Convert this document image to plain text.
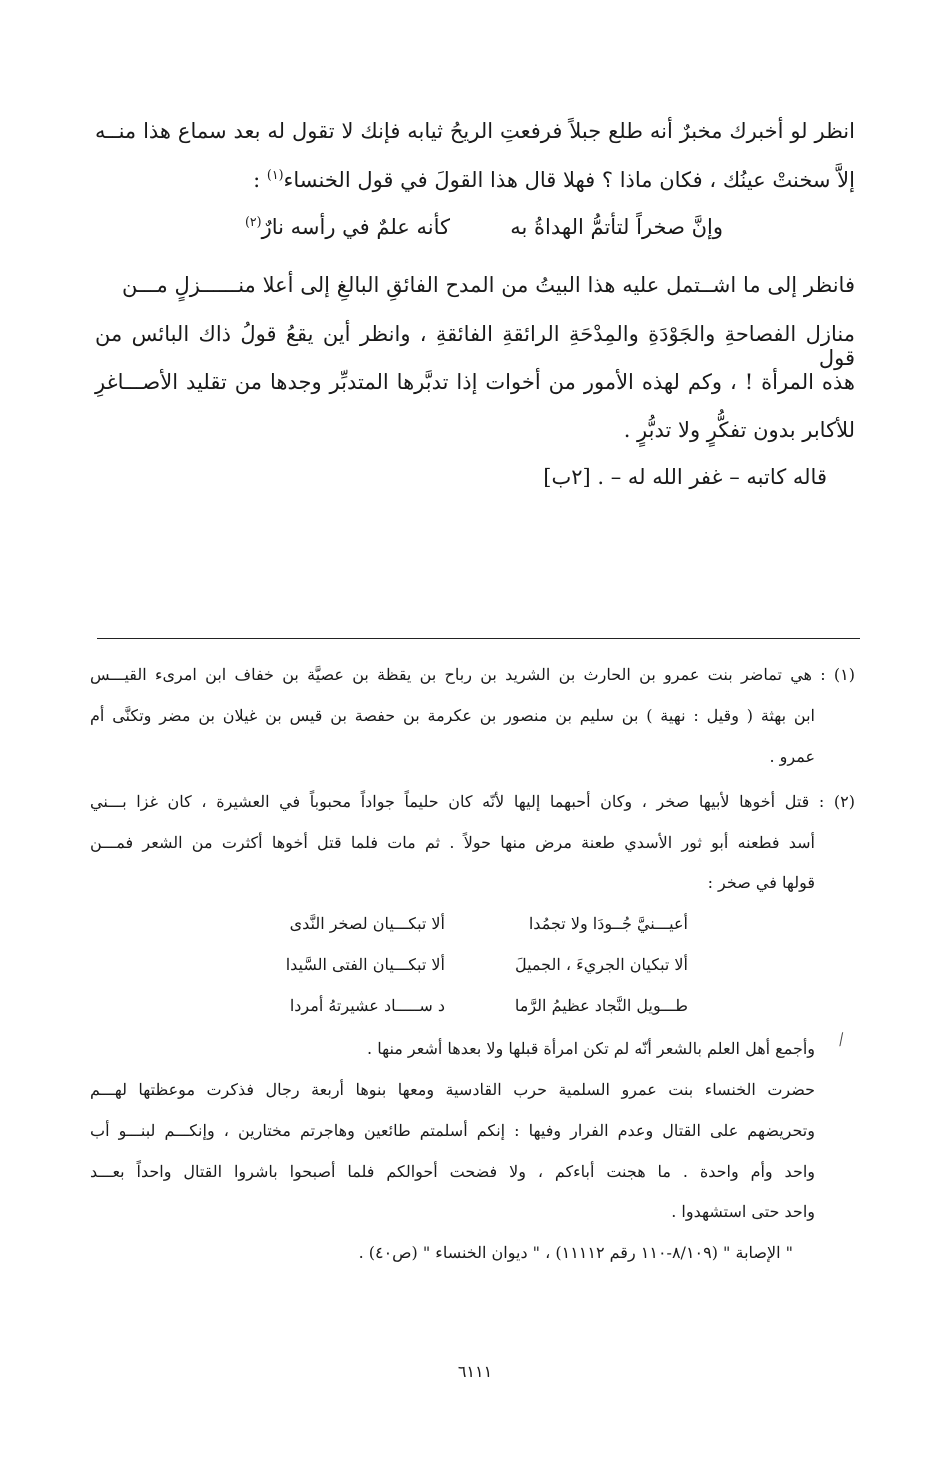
انظر لو أخبرك مخبرٌ أنه طلع جبلاً فرفعتِ الريحُ ثيابه فإنك لا تقول له بعد سماع هذا منــه
إلاَّ سخنتْ عينُك ، فكان ماذا ؟ فهلا قال هذا القولَ في قول الخنساء$^{(١)}$ :
وإنَّ صخراً لتأتمُّ الهداةُ به
كأنه علمٌ في رأسه نارٌ$^{(٢)}$
فانظر إلى ما اشــتمل عليه هذا البيتُ من المدح الفائقِ البالغِ إلى أعلا منــــــزلٍ مـــن
منازل الفصاحةِ والجَوْدَةِ والمِدْحَةِ الرائقةِ الفائقةِ ، وانظر أين يقعُ قولُ ذاك البائس من قول
هذه المرأة ! ، وكم لهذه الأمور من أخوات إذا تدبَّرها المتدبِّر وجدها من تقليد الأصـــاغرِ
للأكابر بدون تفكُّرٍ ولا تدبُّرٍ .
قاله كاتبه – غفر الله له – . [٢ب]
(١) : هي تماضر بنت عمرو بن الحارث بن الشريد بن رباح بن يقظة بن عصيَّة بن خفاف ابن امرىء القيـــس
ابن بهثة ( وقيل : نهية ) بن سليم بن منصور بن عكرمة بن حفصة بن قيس بن غيلان بن مضر وتكنَّى أم
عمرو .
(٢) : قتل أخوها لأبيها صخر ، وكان أحبهما إليها لأنّه كان حليماً جواداً محبوباً في العشيرة ، كان غزا بـــني
أسد فطعنه أبو ثور الأسدي طعنة مرض منها حولاً . ثم مات فلما قتل أخوها أكثرت من الشعر فمـــن
قولها في صخر :
أعيـــنيَّ جُــودَا ولا تجمُدا
ألا تبكـــيان لصخر النَّدى
ألا تبكيان الجريءَ ، الجميلَ
ألا تبكـــيان الفتى السَّيدا
طـــويل النَّجاد عظيمُ الرَّما
د ســـــاد عشيرتهُ أمردا
⁄
وأجمع أهل العلم بالشعر أنّه لم تكن امرأة قبلها ولا بعدها أشعر منها .
حضرت الخنساء بنت عمرو السلمية حرب القادسية ومعها بنوها أربعة رجال فذكرت موعظتها لهـــم
وتحريضهم على القتال وعدم الفرار وفيها : إنكم أسلمتم طائعين وهاجرتم مختارين ، وإنكـــم لبنـــو أب
واحد وأم واحدة . ما هجنت أباءكم ، ولا فضحت أحوالكم فلما أصبحوا باشروا القتال واحداً بعـــد
واحد حتى استشهدوا .
" الإصابة " (٨/١٠٩-١١٠ رقم ١١١١٢) ، " ديوان الخنساء " (ص٤٠) .
٦١١١
